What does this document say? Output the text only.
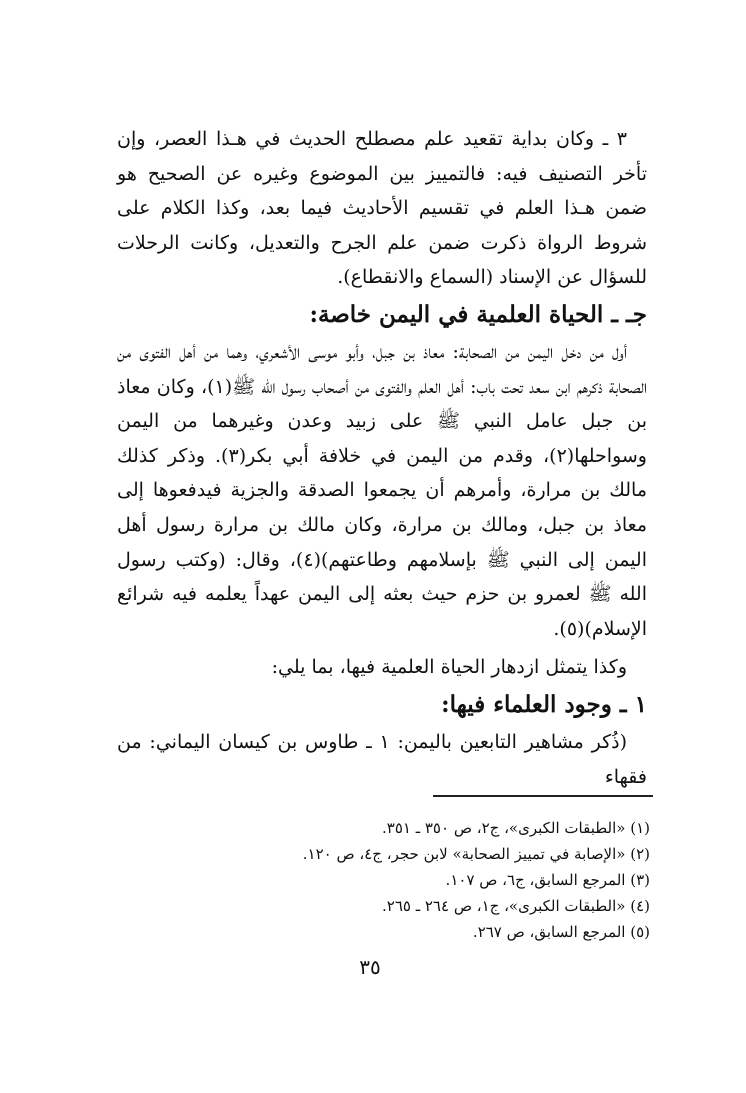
٣ ـ وكان بداية تقعيد علم مصطلح الحديث في هـذا العصر، وإن تأخر التصنيف فيه: فالتمييز بين الموضوع وغيره عن الصحيح هو ضمن هـذا العلم في تقسيم الأحاديث فيما بعد، وكذا الكلام على شروط الرواة ذكرت ضمن علم الجرح والتعديل، وكانت الرحلات للسؤال عن الإسناد (السماع والانقطاع).

جـ ـ الحياة العلمية في اليمن خاصة:

أول من دخل اليمن من الصحابة: معاذ بن جبل، وأبو موسى الأشعري، وهما من أهل الفتوى من الصحابة ذكرهم ابن سعد تحت باب: أهل العلم والفتوى من أصحاب رسول الله ﷺ(١)، وكان معاذ بن جبل عامل النبي ﷺ على زبيد وعدن وغيرهما من اليمن وسواحلها(٢)، وقدم من اليمن في خلافة أبي بكر(٣). وذكر كذلك مالك بن مرارة، وأمرهم أن يجمعوا الصدقة والجزية فيدفعوها إلى معاذ بن جبل، ومالك بن مرارة، وكان مالك بن مرارة رسول أهل اليمن إلى النبي ﷺ بإسلامهم وطاعتهم)(٤)، وقال: (وكتب رسول الله ﷺ لعمرو بن حزم حيث بعثه إلى اليمن عهداً يعلمه فيه شرائع الإسلام)(٥).

وكذا يتمثل ازدهار الحياة العلمية فيها، بما يلي:

١ ـ وجود العلماء فيها:

(ذُكر مشاهير التابعين باليمن: ١ ـ طاوس بن كيسان اليماني: من فقهاء

(١) «الطبقات الكبرى»، ج٢، ص ٣٥٠ ـ ٣٥١.
(٢) «الإصابة في تمييز الصحابة» لابن حجر، ج٤، ص ١٢٠.
(٣) المرجع السابق، ج٦، ص ١٠٧.
(٤) «الطبقات الكبرى»، ج١، ص ٢٦٤ ـ ٢٦٥.
(٥) المرجع السابق، ص ٢٦٧.
٣٥
